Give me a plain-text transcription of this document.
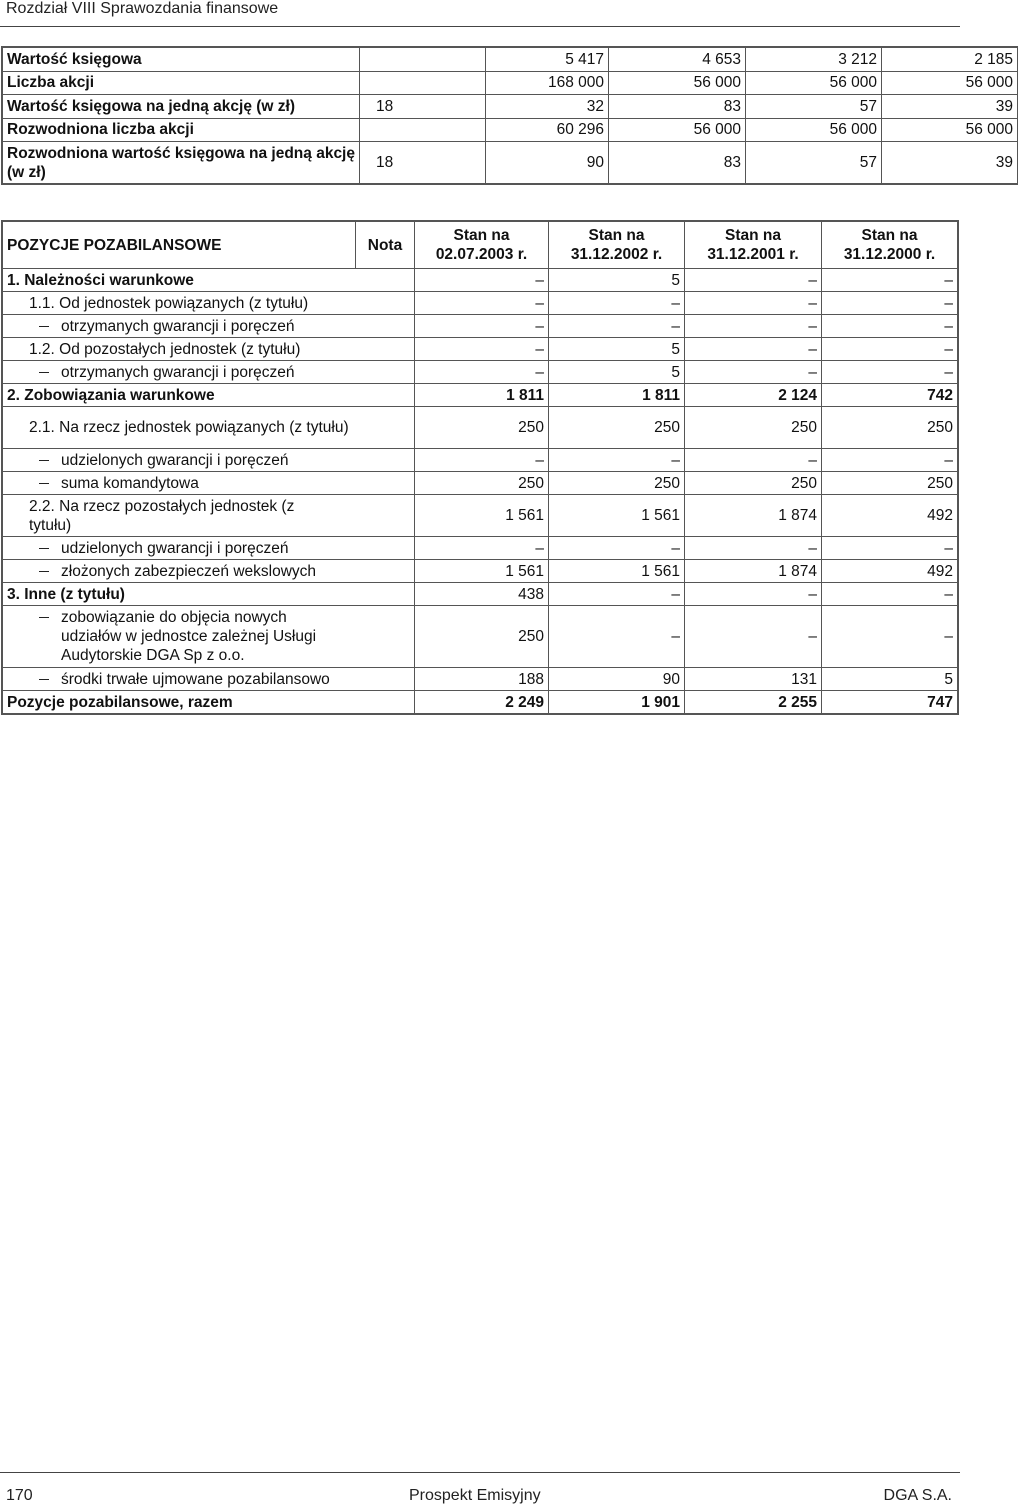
Rozdział VIII Sprawozdania finansowe
Wartość księgowa		5 417	4 653	3 212	2 185
Liczba akcji		168 000	56 000	56 000	56 000
Wartość księgowa na jedną akcję (w zł)	18	32	83	57	39
Rozwodniona liczba akcji		60 296	56 000	56 000	56 000
Rozwodniona wartość księgowa na jedną akcję (w zł)	18	90	83	57	39
POZYCJE POZABILANSOWE	Nota	Stan na 02.07.2003 r.	Stan na 31.12.2002 r.	Stan na 31.12.2001 r.	Stan na 31.12.2000 r.
1. Należności warunkowe		–	5	–	–
1.1. Od jednostek powiązanych (z tytułu)		–	–	–	–

otrzymanych gwarancji i poręczeń		–	–	–	–
1.2. Od pozostałych jednostek (z tytułu)		–	5	–	–

otrzymanych gwarancji i poręczeń		–	5	–	–
2. Zobowiązania warunkowe		1 811	1 811	2 124	742
2.1. Na rzecz jednostek powiązanych (z tytułu)		250	250	250	250

udzielonych gwarancji i poręczeń		–	–	–	–

suma komandytowa		250	250	250	250
2.2. Na rzecz pozostałych jednostek (z tytułu)		1 561	1 561	1 874	492

udzielonych gwarancji i poręczeń		–	–	–	–

złożonych zabezpieczeń wekslowych		1 561	1 561	1 874	492
3. Inne (z tytułu)		438	–	–	–

zobowiązanie do objęcia nowych udziałów w jednostce zależnej Usługi Audytorskie DGA Sp z o.o.		250	–	–	–

środki trwałe ujmowane pozabilansowo		188	90	131	5
Pozycje pozabilansowe, razem		2 249	1 901	2 255	747
170	Prospekt Emisyjny	DGA S.A.
